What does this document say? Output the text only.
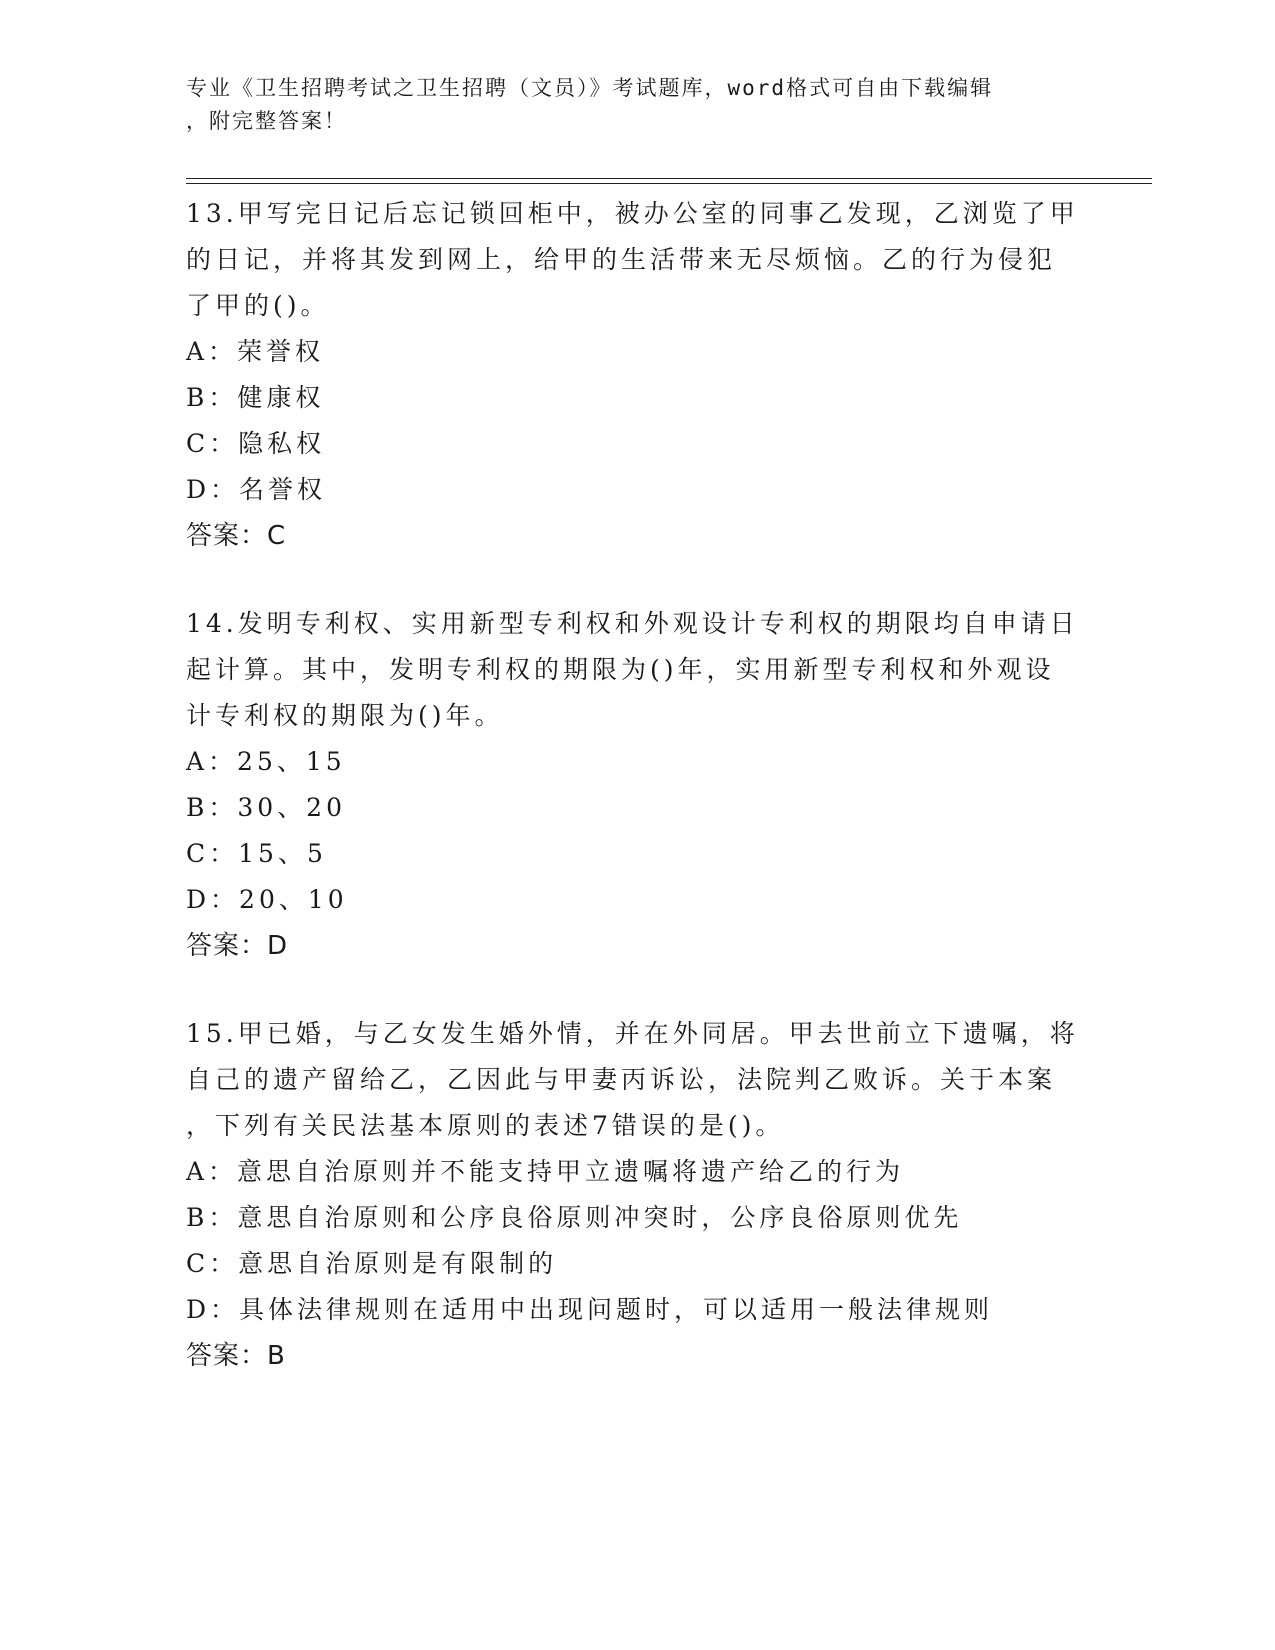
专业《卫生招聘考试之卫生招聘（文员）》考试题库，word格式可自由下载编辑
，附完整答案！

13.甲写完日记后忘记锁回柜中，被办公室的同事乙发现，乙浏览了甲

的日记，并将其发到网上，给甲的生活带来无尽烦恼。乙的行为侵犯

了甲的()。

A：荣誉权

B：健康权

C：隐私权

D：名誉权

答案：C

14.发明专利权、实用新型专利权和外观设计专利权的期限均自申请日

起计算。其中，发明专利权的期限为()年，实用新型专利权和外观设

计专利权的期限为()年。

A：25、15

B：30、20

C：15、5

D：20、10

答案：D

15.甲已婚，与乙女发生婚外情，并在外同居。甲去世前立下遗嘱，将

自己的遗产留给乙，乙因此与甲妻丙诉讼，法院判乙败诉。关于本案

，下列有关民法基本原则的表述7错误的是()。

A：意思自治原则并不能支持甲立遗嘱将遗产给乙的行为

B：意思自治原则和公序良俗原则冲突时，公序良俗原则优先

C：意思自治原则是有限制的

D：具体法律规则在适用中出现问题时，可以适用一般法律规则

答案：B
